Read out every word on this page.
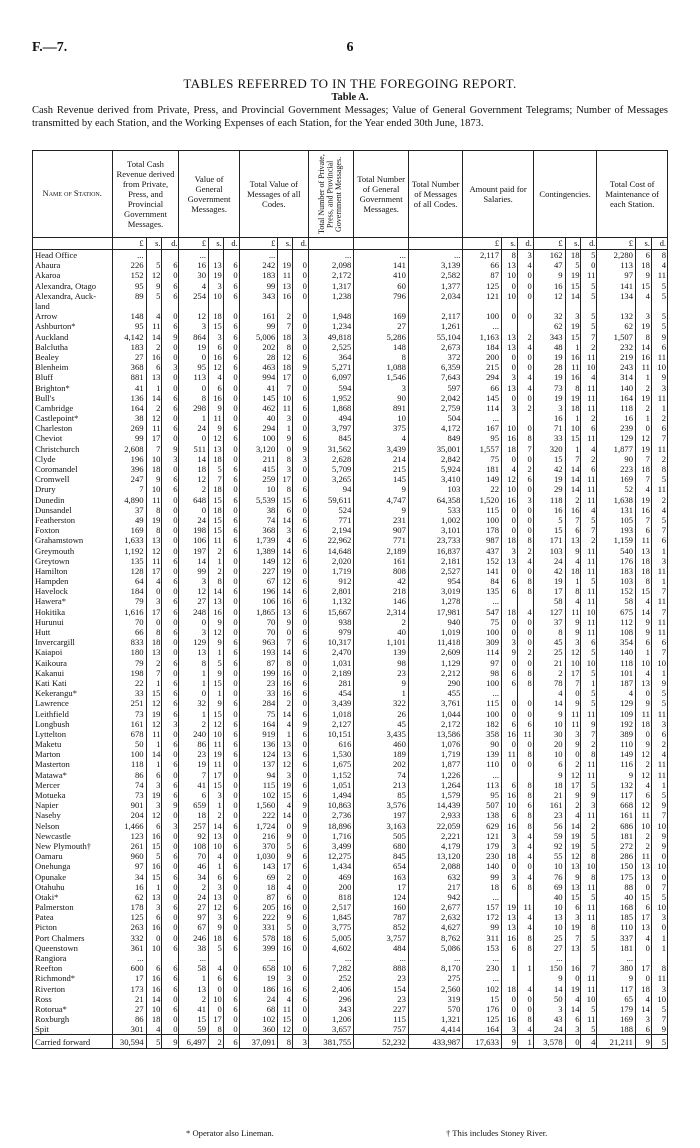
F.—7.	6
TABLES REFERRED TO IN THE FOREGOING REPORT.
Table A.
Cash Revenue derived from Private, Press, and Provincial Government Messages; Value of General Government Telegrams; Number of Messages transmitted by each Station, and the Working Expenses of each Station, for the Year ended 30th June, 1873.
Name of Station.	Total Cash Revenue derived from Private, Press, and Provincial Government Messages.			Value of General Government Messages.			Total Value of Messages of all Codes.			Total Number of Private, Press, and Provincial Government Messages.	Total Number of General Government Messages.	Total Number of Messages of all Codes.	Amount paid for Salaries.			Contingencies.			Total Cost of Maintenance of each Station.		
	£	s.	d.	£	s.	d.	£	s.	d.				£	s.	d.	£	s.	d.	£	s.	d.
Head Office	...			...			...			...	...	...	2,117	8	3	162	18	5	2,280	6	8
Ahaura	226	5	6	16	13	6	242	19	0	2,098	141	3,139	66	13	4	47	5	0	113	18	4
Akaroa	152	12	0	30	19	0	183	11	0	2,172	410	2,582	87	10	0	9	19	11	97	9	11
Alexandra, Otago	95	9	6	4	3	6	99	13	0	1,317	60	1,377	125	0	0	16	15	5	141	15	5
Alexandra, Auck-	89	5	6	254	10	6	343	16	0	1,238	796	2,034	121	10	0	12	14	5	134	4	5
land																					
Arrow	148	4	0	12	18	0	161	2	0	1,948	169	2,117	100	0	0	32	3	5	132	3	5
Ashburton*	95	11	6	3	15	6	99	7	0	1,234	27	1,261	...			62	19	5	62	19	5
Auckland	4,142	14	9	864	3	6	5,006	18	3	49,818	5,286	55,104	1,163	13	2	343	15	7	1,507	8	9
Balclutha	183	2	0	19	6	0	202	8	0	2,525	148	2,673	184	13	4	48	1	2	232	14	6
Bealey	27	16	0	0	16	6	28	12	6	364	8	372	200	0	0	19	16	11	219	16	11
Blenheim	368	6	3	95	12	6	463	18	9	5,271	1,088	6,359	215	0	0	28	11	10	243	11	10
Bluff	881	13	0	113	4	0	994	17	0	6,097	1,546	7,643	294	3	4	19	16	4	314	1	9
Brighton*	41	1	0	0	6	0	41	7	0	594	3	597	66	13	4	73	8	11	140	2	3
Bull's	136	14	6	8	16	0	145	10	6	1,952	90	2,042	145	0	0	19	19	11	164	19	11
Cambridge	164	2	6	298	9	0	462	11	6	1,868	891	2,759	114	3	2	3	18	11	118	2	1
Castlepoint*	38	12	0	1	11	0	40	3	0	494	10	504	...			16	1	2	16	1	2
Charleston	269	11	6	24	9	6	294	1	0	3,797	375	4,172	167	10	0	71	10	6	239	0	6
Cheviot	99	17	0	0	12	6	100	9	6	845	4	849	95	16	8	33	15	11	129	12	7
Christchurch	2,608	7	9	511	13	0	3,120	0	9	31,562	3,439	35,001	1,557	18	7	320	1	4	1,877	19	11
Clyde	196	10	3	14	18	0	211	8	3	2,628	214	2,842	75	0	0	15	7	2	90	7	2
Coromandel	396	18	0	18	5	6	415	3	0	5,709	215	5,924	181	4	2	42	14	6	223	18	8
Cromwell	247	9	6	12	7	6	259	17	0	3,265	145	3,410	149	12	6	19	14	11	169	7	5
Drury	7	10	6	2	18	0	10	8	6	94	9	103	22	10	0	29	14	11	52	4	11
Dunedin	4,890	11	0	648	15	6	5,539	15	6	59,611	4,747	64,358	1,520	16	3	118	2	11	1,638	19	2
Dunsandel	37	8	0	0	18	0	38	6	0	524	9	533	115	0	0	16	16	4	131	16	4
Featherston	49	19	0	24	15	6	74	14	6	771	231	1,002	100	0	0	5	7	5	105	7	5
Foxton	169	8	0	198	15	6	368	3	6	2,194	907	3,101	178	0	0	15	6	7	193	6	7
Grahamstown	1,633	13	0	106	11	6	1,739	4	6	22,962	771	23,733	987	18	8	171	13	2	1,159	11	6
Greymouth	1,192	12	0	197	2	6	1,389	14	6	14,648	2,189	16,837	437	3	2	103	9	11	540	13	1
Greytown	135	11	6	14	1	0	149	12	6	2,020	161	2,181	152	13	4	24	4	11	176	18	3
Hamilton	128	17	0	99	2	0	227	19	0	1,719	808	2,527	141	0	0	42	18	11	183	18	11
Hampden	64	4	6	3	8	0	67	12	6	912	42	954	84	6	8	19	1	5	103	8	1
Havelock	184	0	0	12	14	6	196	14	6	2,801	218	3,019	135	6	8	17	8	11	152	15	7
Hawera*	79	3	6	27	13	0	106	16	6	1,132	146	1,278	...			58	4	11	58	4	11
Hokitika	1,616	17	6	248	16	0	1,865	13	6	15,667	2,314	17,981	547	18	4	127	11	10	675	14	7
Hurunui	70	0	0	0	9	0	70	9	0	938	2	940	75	0	0	37	9	11	112	9	11
Hutt	66	8	6	3	12	0	70	0	6	979	40	1,019	100	0	0	8	9	11	108	9	11
Invercargill	833	18	0	129	9	6	963	7	6	10,317	1,101	11,418	309	3	0	45	3	6	354	6	6
Kaiapoi	180	13	0	13	1	6	193	14	6	2,470	139	2,609	114	9	2	25	12	5	140	1	7
Kaikoura	79	2	6	8	5	6	87	8	0	1,031	98	1,129	97	0	0	21	10	10	118	10	10
Kakanui	198	7	0	1	9	0	199	16	0	2,189	23	2,212	98	6	8	2	17	5	101	4	1
Kati Kati	22	1	6	1	15	0	23	16	6	281	9	290	100	6	8	78	7	1	187	13	9
Kekerangu*	33	15	6	0	1	0	33	16	6	454	1	455	...			4	0	5	4	0	5
Lawrence	251	12	6	32	9	6	284	2	0	3,439	322	3,761	115	0	0	14	9	5	129	9	5
Leithfield	73	19	6	1	15	0	75	14	6	1,018	26	1,044	100	0	0	9	11	11	109	11	11
Longbush	161	12	3	2	12	6	164	4	9	2,127	45	2,172	182	6	6	10	11	9	192	18	3
Lyttelton	678	11	0	240	10	6	919	1	6	10,151	3,435	13,586	358	16	11	30	3	7	389	0	6
Maketu	50	1	6	86	11	6	136	13	0	616	460	1,076	90	0	0	20	9	2	110	9	2
Marton	100	14	0	23	19	6	124	13	6	1,530	189	1,719	139	11	8	10	0	8	149	12	4
Masterton	118	1	6	19	11	0	137	12	6	1,675	202	1,877	110	0	0	6	2	11	116	2	11
Matawa*	86	6	0	7	17	0	94	3	0	1,152	74	1,226	...			9	12	11	9	12	11
Mercer	74	3	6	41	15	0	115	19	6	1,051	213	1,264	113	6	8	18	17	5	132	4	1
Motueka	73	19	6	6	3	0	102	15	6	1,494	85	1,579	95	16	8	21	9	9	117	6	5
Napier	901	3	9	659	1	0	1,560	4	9	10,863	3,576	14,439	507	10	6	161	2	3	668	12	9
Naseby	204	12	0	18	2	0	222	14	0	2,736	197	2,933	138	6	8	23	4	11	161	11	7
Nelson	1,466	6	3	257	14	6	1,724	0	9	18,896	3,163	22,059	629	16	8	56	14	2	686	10	10
Newcastle	123	16	0	92	13	0	216	9	0	1,716	505	2,221	121	3	4	59	19	5	181	2	9
New Plymouth†	261	15	0	108	10	6	370	5	6	3,499	680	4,179	179	3	4	92	19	5	272	2	9
Oamaru	960	5	6	70	4	0	1,030	9	6	12,275	845	13,120	230	18	4	55	12	8	286	11	0
Onehunga	97	16	0	46	1	6	143	17	6	1,434	654	2,088	140	0	0	10	13	10	150	13	10
Opunake	34	15	6	34	6	6	69	2	0	469	163	632	99	3	4	76	9	8	175	13	0
Otahuhu	16	1	0	2	3	0	18	4	0	200	17	217	18	6	8	69	13	11	88	0	7
Otaki*	62	13	0	24	13	0	87	6	0	818	124	942	...			40	15	5	40	15	5
Palmerston	178	3	6	27	12	6	205	16	0	2,517	160	2,677	157	19	11	10	6	11	168	6	10
Patea	125	6	0	97	3	6	222	9	6	1,845	787	2,632	172	13	4	13	3	11	185	17	3
Picton	263	16	0	67	9	0	331	5	0	3,775	852	4,627	99	13	4	10	19	8	110	13	0
Port Chalmers	332	0	0	246	18	6	578	18	6	5,005	3,757	8,762	311	16	8	25	7	5	337	4	1
Queenstown	361	10	6	38	5	6	399	16	0	4,602	484	5,086	153	6	8	27	13	5	181	0	1
Rangiora	...			...			...			...	...	...	...			...			...		
Reefton	600	6	6	58	4	0	658	10	6	7,282	888	8,170	230	1	1	150	16	7	380	17	8
Richmond*	17	16	6	1	6	6	19	3	0	252	23	275	...			9	0	11	9	0	11
Riverton	173	16	6	13	0	0	186	16	6	2,406	154	2,560	102	18	4	14	19	11	117	18	3
Ross	21	14	0	2	10	6	24	4	6	296	23	319	15	0	0	50	4	10	65	4	10
Rotorua*	27	10	6	41	0	6	68	11	0	343	227	570	176	0	0	3	14	5	179	14	5
Roxburgh	86	18	0	15	17	0	102	15	0	1,206	115	1,321	125	16	8	43	6	11	169	3	7
Spit	301	4	0	59	8	0	360	12	0	3,657	757	4,414	164	3	4	24	3	5	188	6	9
Carried forward	30,594	5	9	6,497	2	6	37,091	8	3	381,755	52,232	433,987	17,633	9	1	3,578	0	4	21,211	9	5
* Operator also Lineman.	† This includes Stoney River.
